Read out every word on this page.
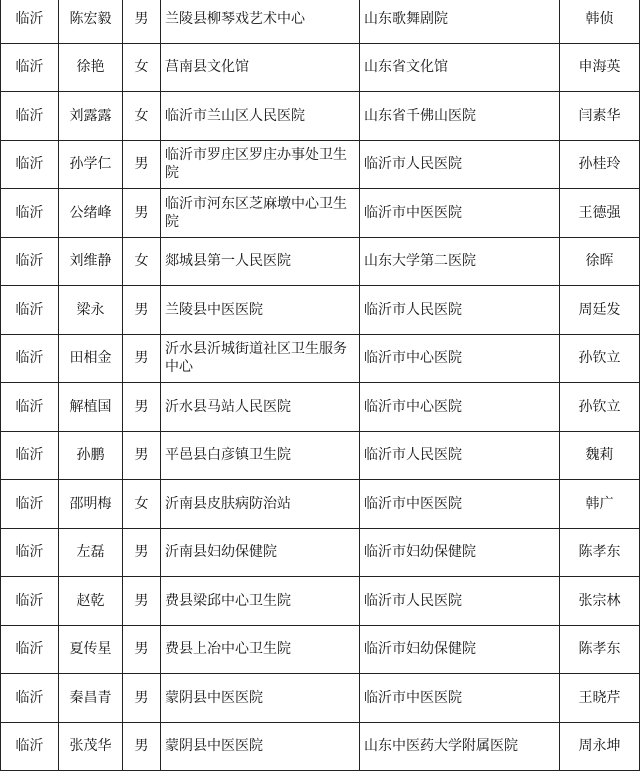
临沂	陈宏毅	男	兰陵县柳琴戏艺术中心	山东歌舞剧院	韩侦
临沂	徐艳	女	莒南县文化馆	山东省文化馆	申海英
临沂	刘露露	女	临沂市兰山区人民医院	山东省千佛山医院	闫素华
临沂	孙学仁	男	临沂市罗庄区罗庄办事处卫生院	临沂市人民医院	孙桂玲
临沂	公绪峰	男	临沂市河东区芝麻墩中心卫生院	临沂市中医医院	王德强
临沂	刘维静	女	郯城县第一人民医院	山东大学第二医院	徐晖
临沂	梁永	男	兰陵县中医医院	临沂市人民医院	周廷发
临沂	田相金	男	沂水县沂城街道社区卫生服务中心	临沂市中心医院	孙钦立
临沂	解植国	男	沂水县马站人民医院	临沂市中心医院	孙钦立
临沂	孙鹏	男	平邑县白彦镇卫生院	临沂市人民医院	魏莉
临沂	邵明梅	女	沂南县皮肤病防治站	临沂市中医医院	韩广
临沂	左磊	男	沂南县妇幼保健院	临沂市妇幼保健院	陈孝东
临沂	赵乾	男	费县梁邱中心卫生院	临沂市人民医院	张宗林
临沂	夏传星	男	费县上冶中心卫生院	临沂市妇幼保健院	陈孝东
临沂	秦昌青	男	蒙阴县中医医院	临沂市中医医院	王晓芹
临沂	张茂华	男	蒙阴县中医医院	山东中医药大学附属医院	周永坤
